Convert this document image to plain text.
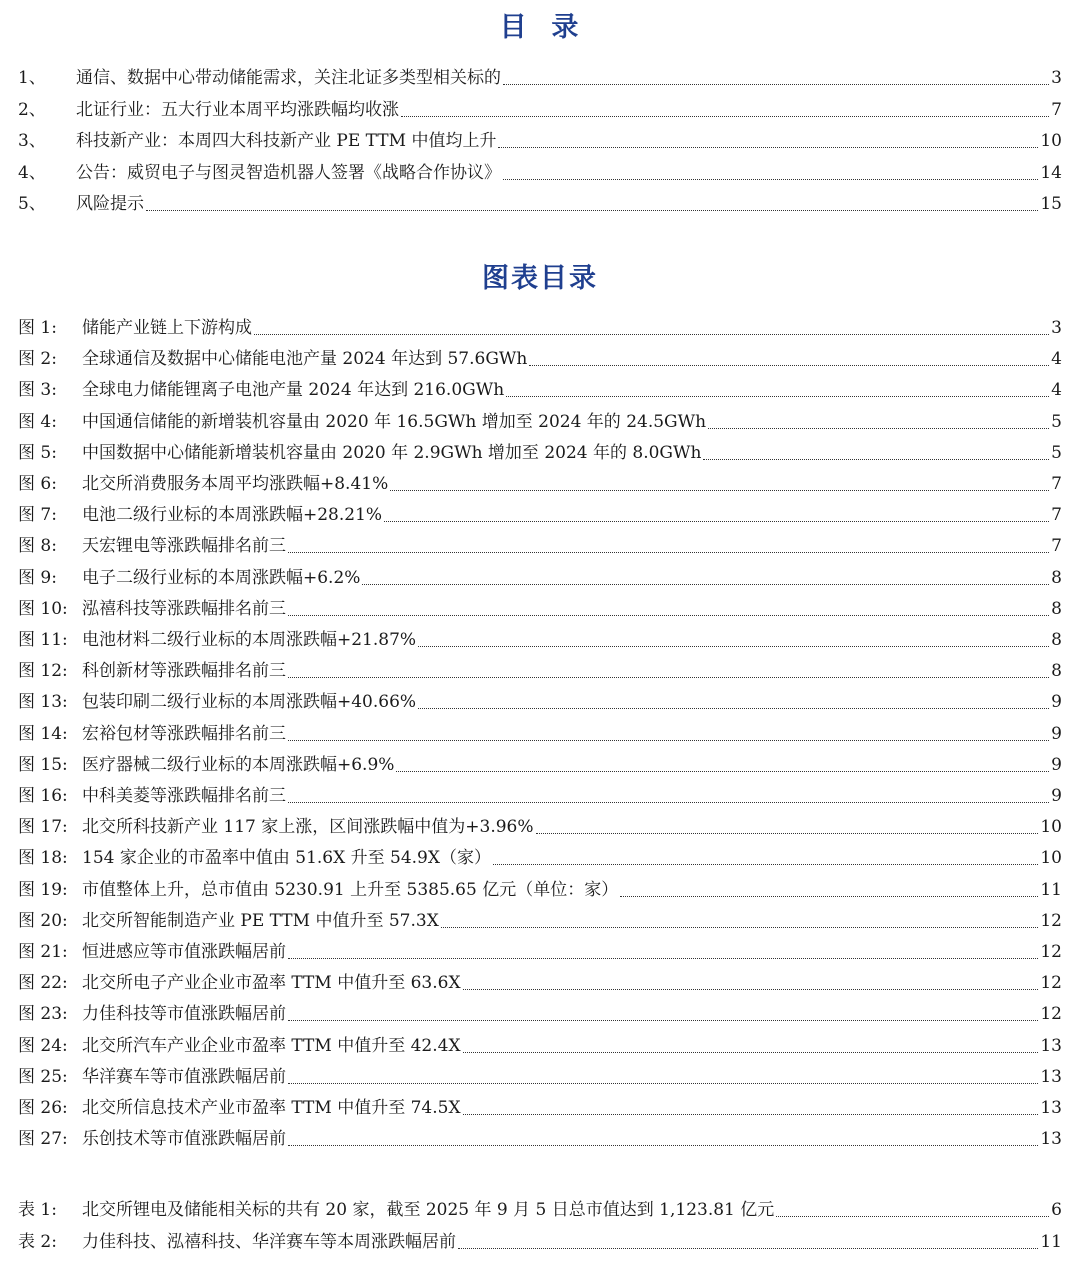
目  录
1、	通信、数据中心带动储能需求，关注北证多类型相关标的	3
2、	北证行业：五大行业本周平均涨跌幅均收涨	7
3、	科技新产业：本周四大科技新产业 PE TTM 中值均上升	10
4、	公告：威贸电子与图灵智造机器人签署《战略合作协议》	14
5、	风险提示	15
图表目录
图 1:	储能产业链上下游构成	3
图 2:	全球通信及数据中心储能电池产量 2024 年达到 57.6GWh	4
图 3:	全球电力储能锂离子电池产量 2024 年达到 216.0GWh	4
图 4:	中国通信储能的新增装机容量由 2020 年 16.5GWh 增加至 2024 年的 24.5GWh	5
图 5:	中国数据中心储能新增装机容量由 2020 年 2.9GWh 增加至 2024 年的 8.0GWh	5
图 6:	北交所消费服务本周平均涨跌幅+8.41%	7
图 7:	电池二级行业标的本周涨跌幅+28.21%	7
图 8:	天宏锂电等涨跌幅排名前三	7
图 9:	电子二级行业标的本周涨跌幅+6.2%	8
图 10: 泓禧科技等涨跌幅排名前三	8
图 11: 电池材料二级行业标的本周涨跌幅+21.87%	8
图 12: 科创新材等涨跌幅排名前三	8
图 13: 包装印刷二级行业标的本周涨跌幅+40.66%	9
图 14: 宏裕包材等涨跌幅排名前三	9
图 15: 医疗器械二级行业标的本周涨跌幅+6.9%	9
图 16: 中科美菱等涨跌幅排名前三	9
图 17: 北交所科技新产业 117 家上涨，区间涨跌幅中值为+3.96%	10
图 18: 154 家企业的市盈率中值由 51.6X 升至 54.9X（家）	10
图 19: 市值整体上升，总市值由 5230.91 上升至 5385.65 亿元（单位：家）	11
图 20: 北交所智能制造产业 PE TTM 中值升至 57.3X	12
图 21: 恒进感应等市值涨跌幅居前	12
图 22: 北交所电子产业企业市盈率 TTM 中值升至 63.6X	12
图 23: 力佳科技等市值涨跌幅居前	12
图 24: 北交所汽车产业企业市盈率 TTM 中值升至 42.4X	13
图 25: 华洋赛车等市值涨跌幅居前	13
图 26: 北交所信息技术产业市盈率 TTM 中值升至 74.5X	13
图 27: 乐创技术等市值涨跌幅居前	13
表 1:	北交所锂电及储能相关标的共有 20 家，截至 2025 年 9 月 5 日总市值达到 1,123.81 亿元	6
表 2:	力佳科技、泓禧科技、华洋赛车等本周涨跌幅居前	11
